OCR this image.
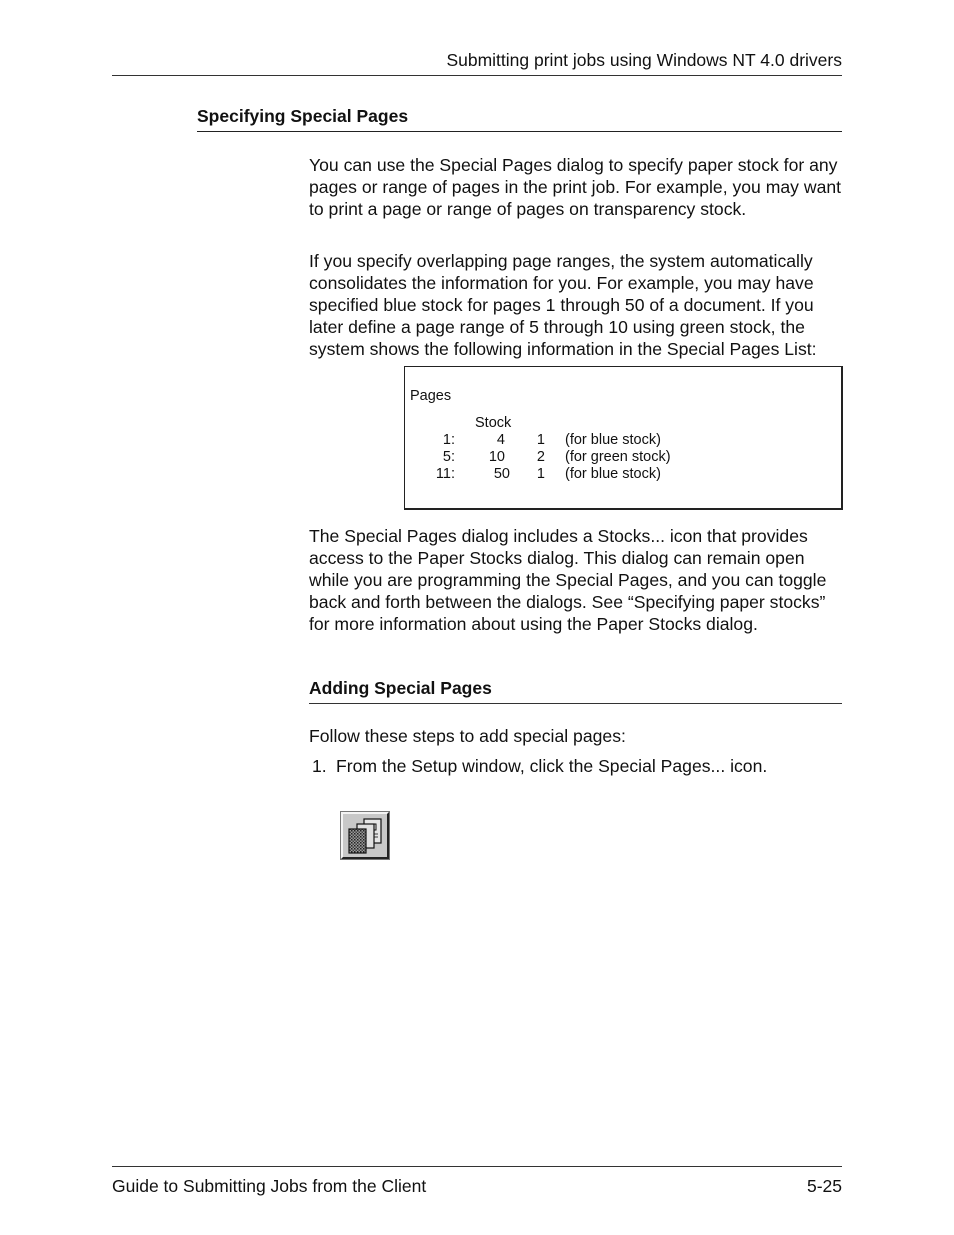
Submitting print jobs using Windows NT 4.0 drivers
Specifying Special Pages

You can use the Special Pages dialog to specify paper stock for any pages or range of pages in the print job. For example, you may want to print a page or range of pages on transparency stock.

If you specify overlapping page ranges, the system automatically consolidates the information for you. For example, you may have specified blue stock for pages 1 through 50 of a document. If you later define a page range of 5 through 10 using green stock, the system shows the following information in the Special Pages List:

Pages
Stock
1:	4	1 (for blue stock)
5:	10	2 (for green stock)
11:	50	1 (for blue stock)

The Special Pages dialog includes a Stocks... icon that provides access to the Paper Stocks dialog. This dialog can remain open while you are programming the Special Pages, and you can toggle back and forth between the dialogs. See “Specifying paper stocks” for more information about using the Paper Stocks dialog.

Adding Special Pages

Follow these steps to add special pages:

1. From the Setup window, click the Special Pages... icon.
Guide to Submitting Jobs from the Client	5-25
